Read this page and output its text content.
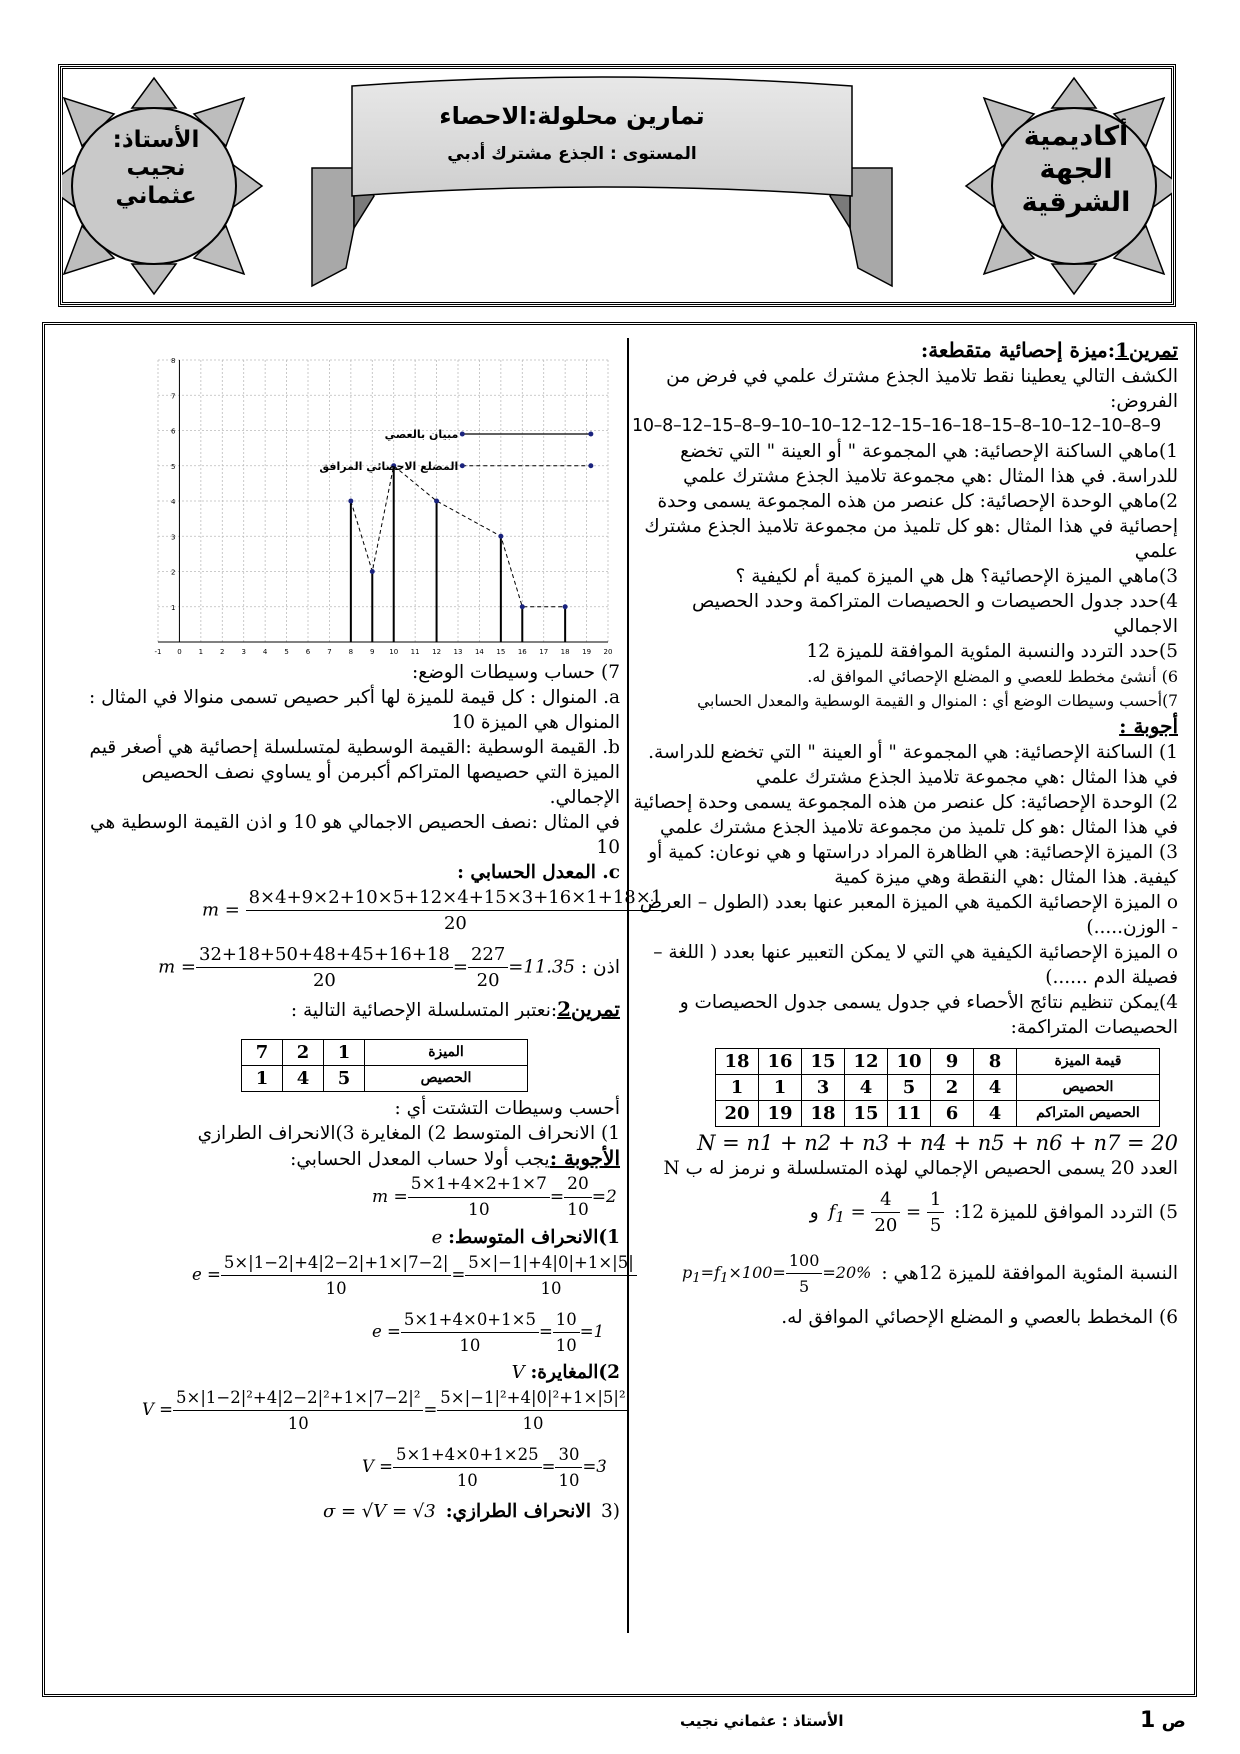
تمارين محلولة:الاحصاء
المستوى : الجذع مشترك أدبي
أكاديمية
الجهة
الشرقية
الأستاذ:
نجيب
عثماني

تمرين1:ميزة إحصائية متقطعة:

الكشف التالي يعطينا نقط تلاميذ الجذع مشترك علمي في فرض من الفروض:

10–8–12–15–8–9–10–10–12–12–15–16–18–15–8–10–12–10–8–9

1)ماهي الساكنة الإحصائية: هي المجموعة " أو العينة " التي تخضع للدراسة. في هذا المثال :هي مجموعة تلاميذ الجذع مشترك علمي

2)ماهي الوحدة الإحصائية: كل عنصر من هذه المجموعة يسمى وحدة إحصائية في هذا المثال :هو كل تلميذ من مجموعة تلاميذ الجذع مشترك علمي

3)ماهي الميزة الإحصائية؟ هل هي الميزة كمية أم لكيفية ؟

4)حدد جدول الحصيصات و الحصيصات المتراكمة وحدد الحصيص الاجمالي

5)حدد التردد والنسبة المئوية الموافقة للميزة 12

6) أنشئ مخطط للعصي و المضلع الإحصائي الموافق له.

7)أحسب وسيطات الوضع أي : المنوال و القيمة الوسطية والمعدل الحسابي

أجوبة :

1) الساكنة الإحصائية: هي المجموعة " أو العينة " التي تخضع للدراسة. في هذا المثال :هي مجموعة تلاميذ الجذع مشترك علمي

2) الوحدة الإحصائية: كل عنصر من هذه المجموعة يسمى وحدة إحصائية في هذا المثال :هو كل تلميذ من مجموعة تلاميذ الجذع مشترك علمي

3) الميزة الإحصائية: هي الظاهرة المراد دراستها و هي نوعان: كمية أو كيفية. هذا المثال :هي النقطة وهي ميزة كمية

o الميزة الإحصائية الكمية هي الميزة المعبر عنها بعدد (الطول – العرض - الوزن.....)

o الميزة الإحصائية الكيفية هي التي لا يمكن التعبير عنها بعدد ( اللغة – فصيلة الدم ......)

4)يمكن تنظيم نتائج الأحصاء في جدول يسمى جدول الحصيصات و الحصيصات المتراكمة:

قيمة الميزة	8	9	10	12	15	16	18
الحصيص	4	2	5	4	3	1	1
الحصيص المتراكم	4	6	11	15	18	19	20

N = n1 + n2 + n3 + n4 + n5 + n6 + n7 = 20

العدد 20 يسمى الحصيص الإجمالي لهذه المتسلسلة و نرمز له ب N

5) التردد الموافق للميزة 12:
$f_1 = \frac{4}{20} = \frac{1}{5}$
و
النسبة المئوية الموافقة للميزة 12هي :
$p_1=f_1\times 100= \frac{100}{5} =20\%$

6) المخطط بالعصي و المضلع الإحصائي الموافق له.

-1 0 1 2 3 4 5 6 7 8 9 10 11 12 13 14 15 16 17 18 19 20
1
2
3
4
5
6
7
8
مبيان بالعصي
المضلع الاحصائي المرافق

7) حساب وسيطات الوضع:

a. المنوال : كل قيمة للميزة لها أكبر حصيص تسمى منوالا في المثال : المنوال هي الميزة 10

b. القيمة الوسطية :القيمة الوسطية لمتسلسلة إحصائية هي أصغر قيم الميزة التي حصيصها المتراكم أكبرمن أو يساوي نصف الحصيص الإجمالي.

في المثال :نصف الحصيص الاجمالي هو 10 و اذن القيمة الوسطية هي 10

c. المعدل الحسابي :

$m = \frac{8\times 4+9\times 2+10\times 5+12\times 4+15\times 3+16\times 1+18\times 1}{20}$
اذن :
$m = \frac{32+18+50+48+45+16+18}{20} = \frac{227}{20} =11.35$

تمرين2:نعتبر المتسلسلة الإحصائية التالية :

الميزة	1	2	7
الحصيص	5	4	1

أحسب وسيطات التشتت أي :

1) الانحراف المتوسط 2) المغايرة 3)الانحراف الطرازي

الأجوبة :يجب أولا حساب المعدل الحسابي:

$m = \frac{5\times 1+4\times 2+1\times 7}{10} = \frac{20}{10} =2$

1)الانحراف المتوسط: e

$e = \frac{5\times|1-2|+4|2-2|+1\times|7-2|}{10} = \frac{5\times|-1|+4|0|+1\times|5|}{10}$
$e = \frac{5\times 1+4\times 0+1\times 5}{10} = \frac{10}{10} =1$

2)المغايرة: V

$V = \frac{\text{5×|1−2|²+4|2−2|²+1×|7−2|²}}{10} = \frac{\text{5×|−1|²+4|0|²+1×|5|²}}{10}$
$V = \frac{5\times 1+4\times 0+1\times 25}{10} = \frac{30}{10} =3$
(3
الانحراف الطرازي:
σ = √V = √3
الأستاذ : عثماني نجيب	ص 1
